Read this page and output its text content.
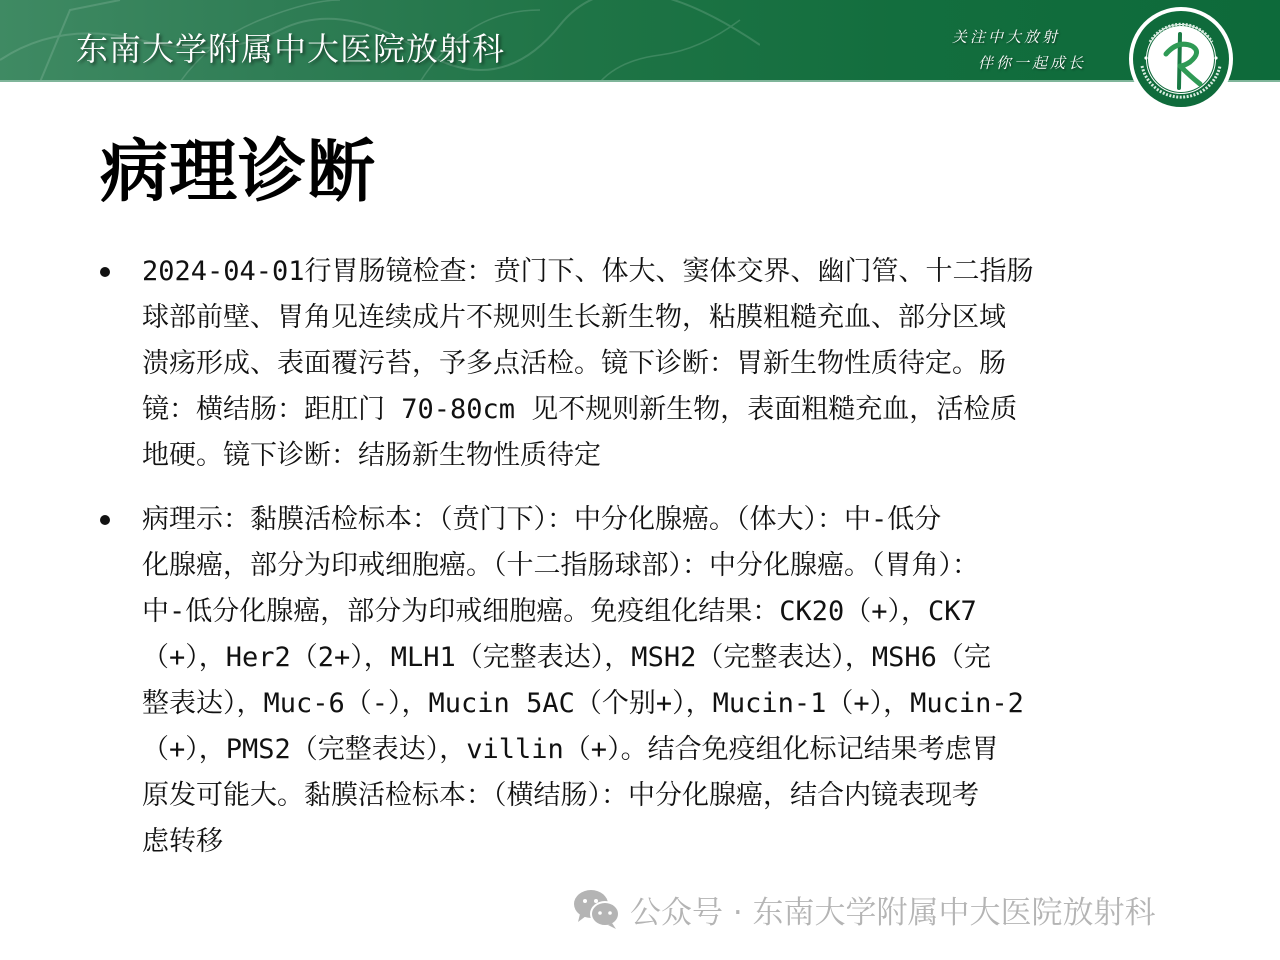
东南大学附属中大医院放射科	关注中大放射
伴你一起成长
病理诊断
2024-04-01行胃肠镜检查：贲门下、体大、窦体交界、幽门管、十二指肠
球部前壁、胃角见连续成片不规则生长新生物，粘膜粗糙充血、部分区域
溃疡形成、表面覆污苔，予多点活检。镜下诊断：胃新生物性质待定。肠
镜：横结肠：距肛门 70-80cm 见不规则新生物，表面粗糙充血，活检质
地硬。镜下诊断：结肠新生物性质待定
病理示：黏膜活检标本：（贲门下）：中分化腺癌。（体大）：中-低分
化腺癌，部分为印戒细胞癌。（十二指肠球部）：中分化腺癌。（胃角）：
中-低分化腺癌，部分为印戒细胞癌。免疫组化结果：CK20（+），CK7
（+），Her2（2+），MLH1（完整表达），MSH2（完整表达），MSH6（完
整表达），Muc-6（-），Mucin 5AC（个别+），Mucin-1（+），Mucin-2
（+），PMS2（完整表达），villin（+）。结合免疫组化标记结果考虑胃
原发可能大。黏膜活检标本：（横结肠）：中分化腺癌，结合内镜表现考
虑转移
公众号 · 东南大学附属中大医院放射科
